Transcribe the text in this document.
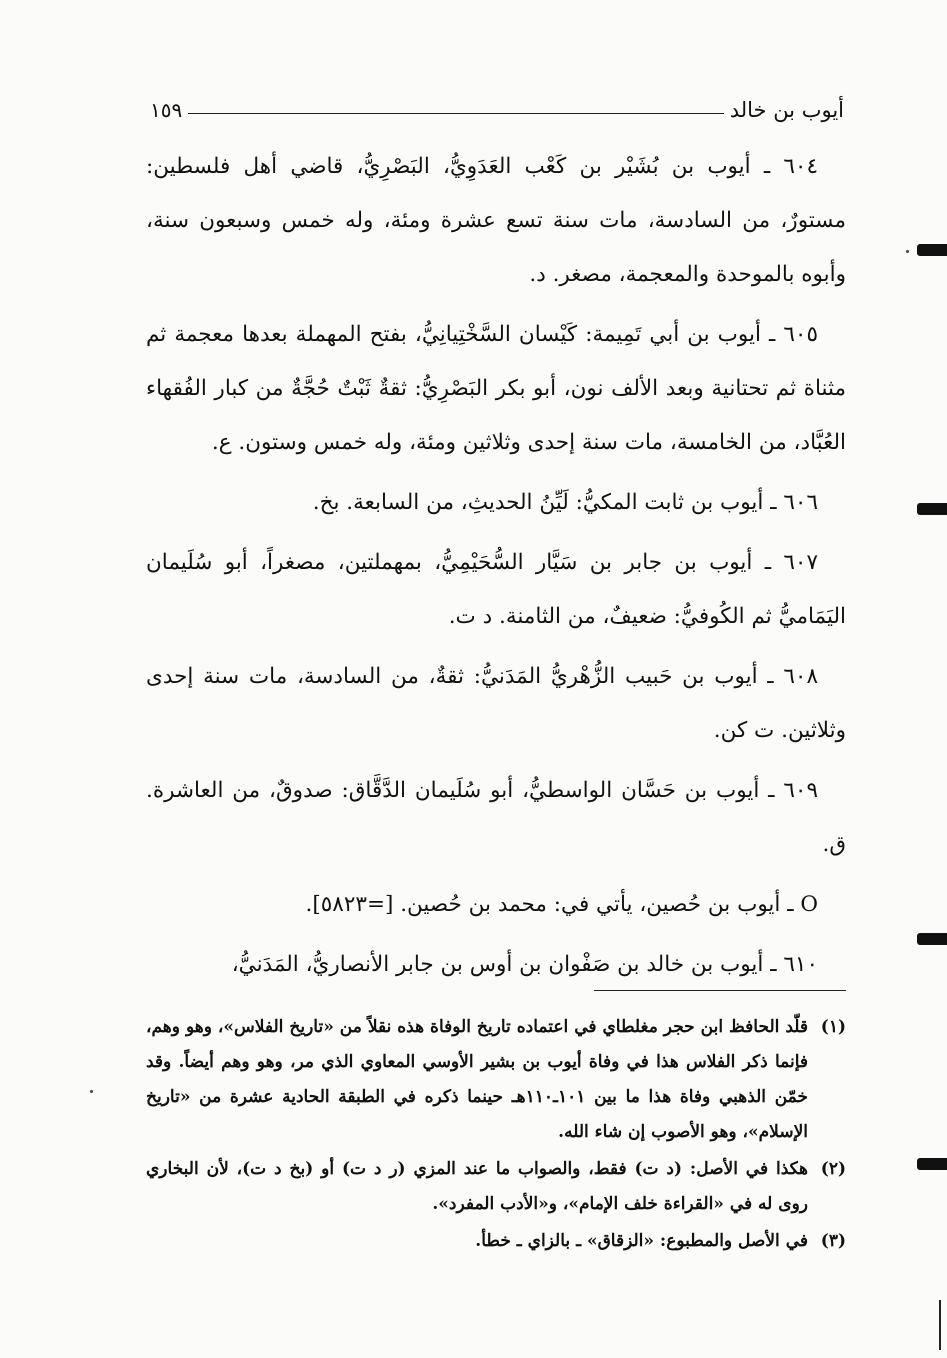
أيوب بن خالد
١٥٩

٦٠٤ ـ أيوب بن بُشَيْر بن كَعْب العَدَوِيُّ، البَصْرِيُّ، قاضي أهل فلسطين: مستورٌ، من السادسة، مات سنة تسع عشرة ومئة، وله خمس وسبعون سنة، وأبوه بالموحدة والمعجمة، مصغر. د.

٦٠٥ ـ أيوب بن أبي تَمِيمة: كَيْسان السَّخْتِيانِيُّ، بفتح المهملة بعدها معجمة ثم مثناة ثم تحتانية وبعد الألف نون، أبو بكر البَصْرِيُّ: ثقةٌ ثَبْتٌ حُجَّةٌ من كبار الفُقهاء العُبَّاد، من الخامسة، مات سنة إحدى وثلاثين ومئة، وله خمس وستون. ع.

٦٠٦ ـ أيوب بن ثابت المكيُّ: لَيِّنُ الحديثِ، من السابعة. بخ.

٦٠٧ ـ أيوب بن جابر بن سَيَّار السُّحَيْمِيُّ، بمهملتين، مصغراً، أبو سُلَيمان اليَمَاميُّ ثم الكُوفيُّ: ضعيفٌ، من الثامنة. د ت.

٦٠٨ ـ أيوب بن حَبيب الزُّهْريُّ المَدَنيُّ: ثقةٌ، من السادسة، مات سنة إحدى وثلاثين. ت كن.

٦٠٩ ـ أيوب بن حَسَّان الواسطيُّ، أبو سُلَيمان الدَّقَّاق: صدوقٌ، من العاشرة. ق.

O ـ أيوب بن حُصين، يأتي في: محمد بن حُصين. [=٥٨٢٣].

٦١٠ ـ أيوب بن خالد بن صَفْوان بن أوس بن جابر الأنصاريُّ، المَدَنيُّ،

(١)
قلّد الحافظ ابن حجر مغلطاي في اعتماده تاريخ الوفاة هذه نقلاً من «تاريخ الفلاس»، وهو وهم، فإنما ذكر الفلاس هذا في وفاة أيوب بن بشير الأوسي المعاوي الذي مر، وهو وهم أيضاً. وقد خمّن الذهبي وفاة هذا ما بين ١٠١ـ١١٠هـ حينما ذكره في الطبقة الحادية عشرة من «تاريخ الإسلام»، وهو الأصوب إن شاء الله.

(٢)
هكذا في الأصل: (د ت) فقط، والصواب ما عند المزي (ر د ت) أو (بخ د ت)، لأن البخاري روى له في «القراءة خلف الإمام»، و«الأدب المفرد».

(٣)
في الأصل والمطبوع: «الزقاق» ـ بالزاي ـ خطأ.
